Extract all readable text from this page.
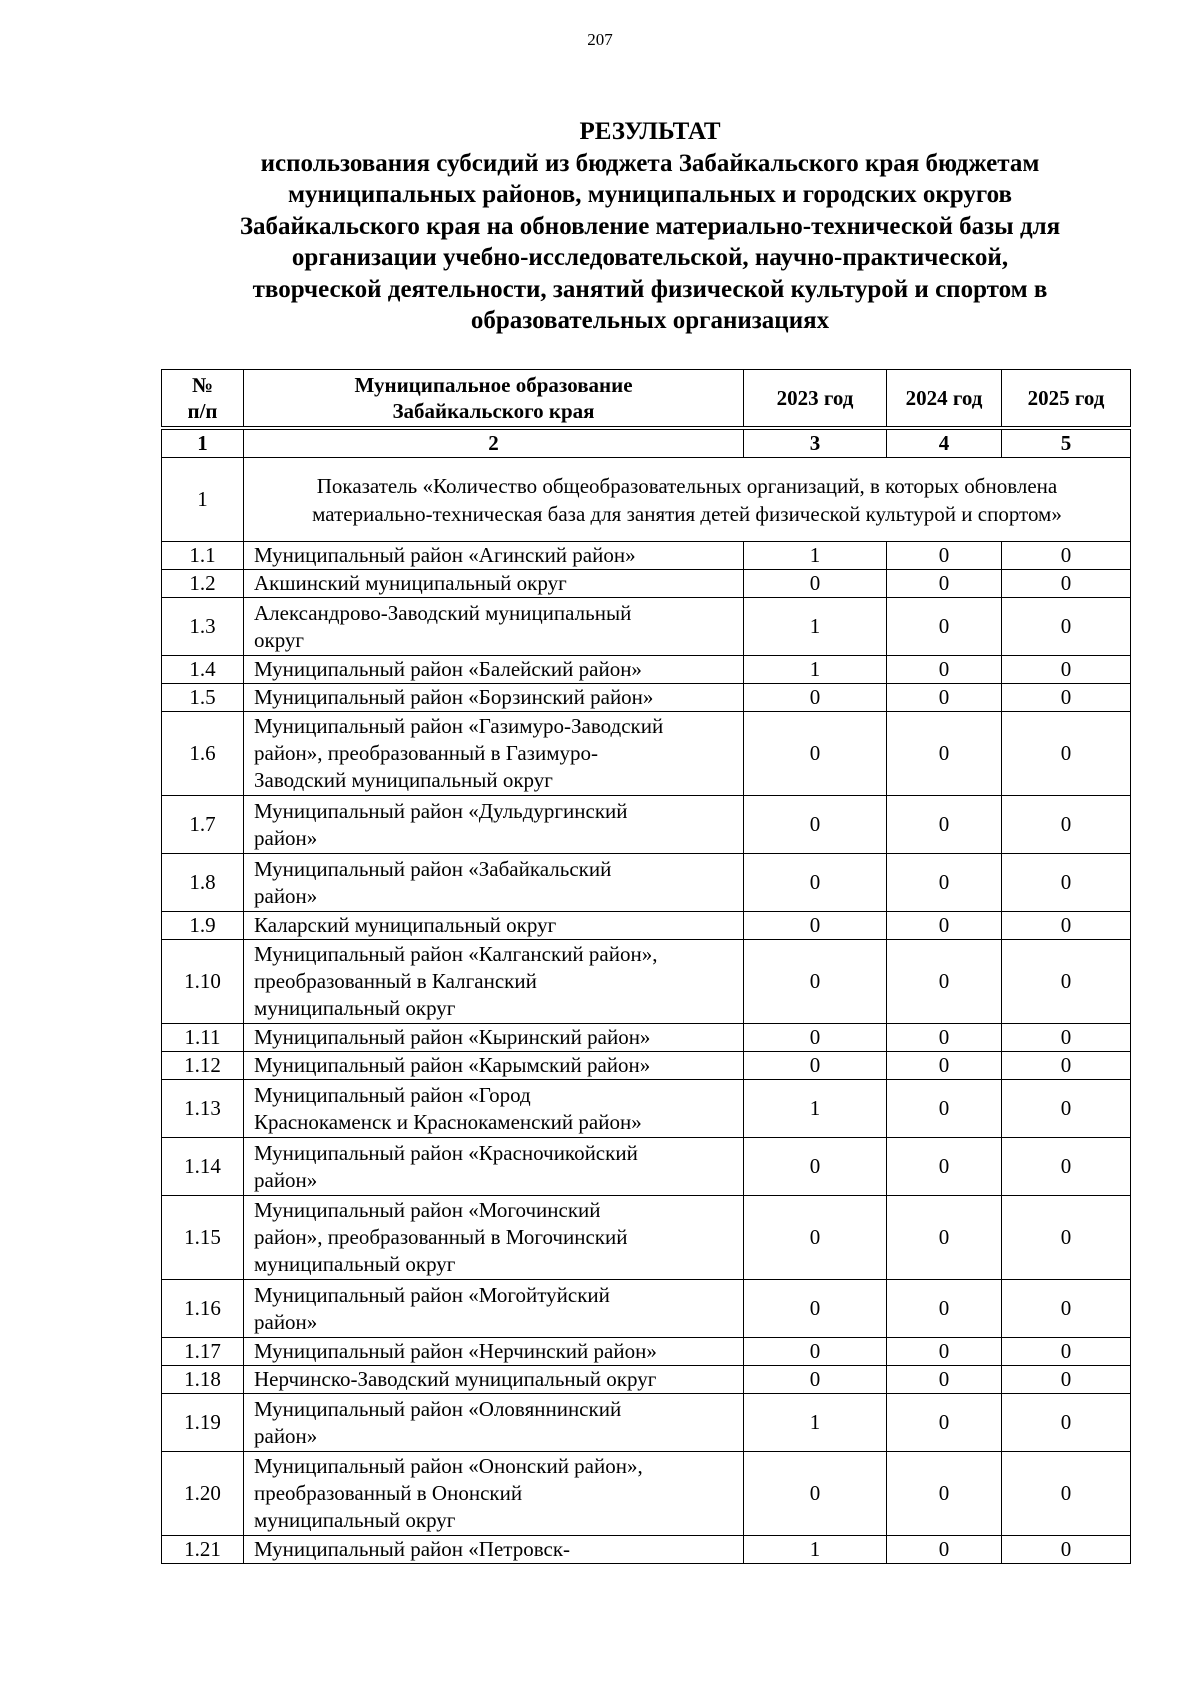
207
РЕЗУЛЬТАТ
использования субсидий из бюджета Забайкальского края бюджетам
муниципальных районов, муниципальных и городских округов
Забайкальского края на обновление материально-технической базы для
организации учебно-исследовательской, научно-практической,
творческой деятельности, занятий физической культурой и спортом в
образовательных организациях
№
п/п	Муниципальное образование
Забайкальского края	2023 год	2024 год	2025 год
1	2	3	4	5
1	Показатель «Количество общеобразовательных организаций, в которых обновлена материально-техническая база для занятия детей физической культурой и спортом»			
1.1	Муниципальный район «Агинский район»	1	0	0
1.2	Акшинский муниципальный округ	0	0	0
1.3	Александрово-Заводский муниципальный
округ	1	0	0
1.4	Муниципальный район «Балейский район»	1	0	0
1.5	Муниципальный район «Борзинский район»	0	0	0
1.6	Муниципальный район «Газимуро-Заводский
район», преобразованный в Газимуро-
Заводский муниципальный округ	0	0	0
1.7	Муниципальный район «Дульдургинский
район»	0	0	0
1.8	Муниципальный район «Забайкальский
район»	0	0	0
1.9	Каларский муниципальный округ	0	0	0
1.10	Муниципальный район «Калганский район»,
преобразованный в Калганский
муниципальный округ	0	0	0
1.11	Муниципальный район «Кыринский район»	0	0	0
1.12	Муниципальный район «Карымский район»	0	0	0
1.13	Муниципальный район «Город
Краснокаменск и Краснокаменский район»	1	0	0
1.14	Муниципальный район «Красночикойский
район»	0	0	0
1.15	Муниципальный район «Могочинский
район», преобразованный в Могочинский
муниципальный округ	0	0	0
1.16	Муниципальный район «Могойтуйский
район»	0	0	0
1.17	Муниципальный район «Нерчинский район»	0	0	0
1.18	Нерчинско-Заводский муниципальный округ	0	0	0
1.19	Муниципальный район «Оловяннинский
район»	1	0	0
1.20	Муниципальный район «Ононский район»,
преобразованный в Ононский
муниципальный округ	0	0	0
1.21	Муниципальный район «Петровск-	1	0	0
